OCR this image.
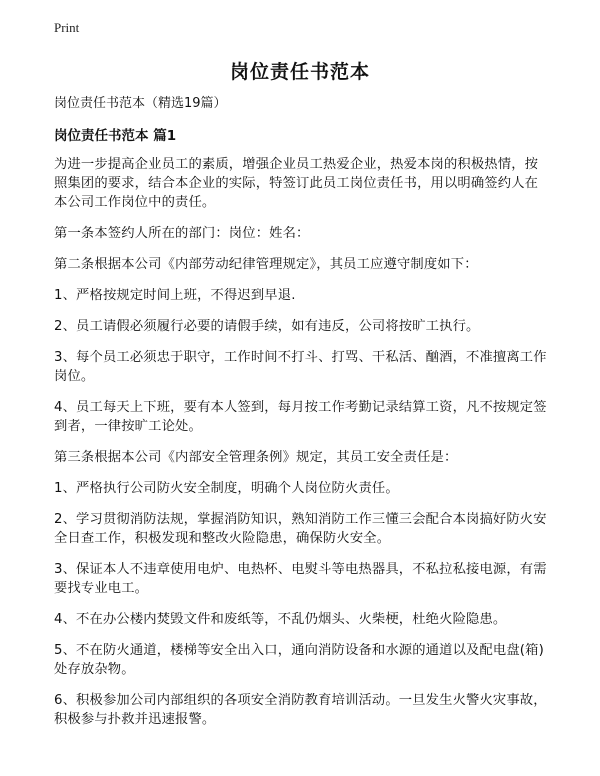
Print
岗位责任书范本
岗位责任书范本（精选19篇）
岗位责任书范本 篇1

为进一步提高企业员工的素质，增强企业员工热爱企业，热爱本岗的积极热情，按照集团的要求，结合本企业的实际，特签订此员工岗位责任书，用以明确签约人在本公司工作岗位中的责任。

第一条本签约人所在的部门：岗位：姓名：

第二条根据本公司《内部劳动纪律管理规定》，其员工应遵守制度如下：

1、严格按规定时间上班，不得迟到早退.

2、员工请假必须履行必要的请假手续，如有违反，公司将按旷工执行。

3、每个员工必须忠于职守，工作时间不打斗、打骂、干私活、酗酒，不准擅离工作岗位。

4、员工每天上下班，要有本人签到，每月按工作考勤记录结算工资，凡不按规定签到者，一律按旷工论处。

第三条根据本公司《内部安全管理条例》规定，其员工安全责任是：

1、严格执行公司防火安全制度，明确个人岗位防火责任。

2、学习贯彻消防法规，掌握消防知识，熟知消防工作三懂三会配合本岗搞好防火安全日查工作，积极发现和整改火险隐患，确保防火安全。

3、保证本人不违章使用电炉、电热杯、电熨斗等电热器具，不私拉私接电源，有需要找专业电工。

4、不在办公楼内焚毁文件和废纸等，不乱仍烟头、火柴梗，杜绝火险隐患。

5、不在防火通道，楼梯等安全出入口，通向消防设备和水源的通道以及配电盘(箱)处存放杂物。

6、积极参加公司内部组织的各项安全消防教育培训活动。一旦发生火警火灾事故，积极参与扑救并迅速报警。
